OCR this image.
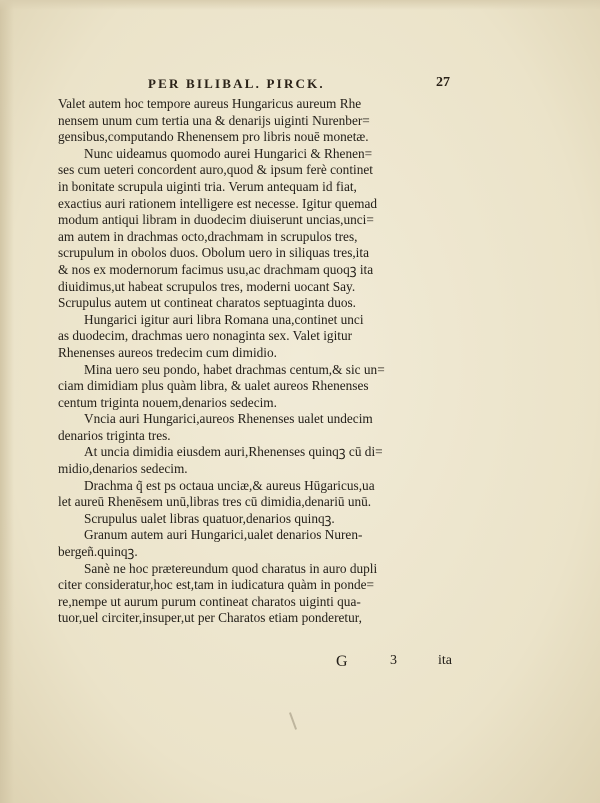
PER BILIBAL. PIRCK.	27
Valet autem hoc tempore aureus Hungaricus aureum Rhe
nensem unum cum tertia una & denarijs uiginti Nurenber=
gensibus,computando Rhenensem pro libris nouē monetæ.
Nunc uideamus quomodo aurei Hungarici & Rhenen=
ses cum ueteri concordent auro,quod & ipsum ferè continet
in bonitate scrupula uiginti tria. Verum antequam id fiat,
exactius auri rationem intelligere est necesse. Igitur quemad
modum antiqui libram in duodecim diuiserunt uncias,unci=
am autem in drachmas octo,drachmam in scrupulos tres,
scrupulum in obolos duos. Obolum uero in siliquas tres,ita
& nos ex modernorum facimus usu,ac drachmam quoqꝫ ita
diuidimus,ut habeat scrupulos tres, moderni uocant Say.
Scrupulus autem ut contineat charatos septuaginta duos.
Hungarici igitur auri libra Romana una,continet unci
as duodecim, drachmas uero nonaginta sex. Valet igitur
Rhenenses aureos tredecim cum dimidio.
Mina uero seu pondo, habet drachmas centum,& sic un=
ciam dimidiam plus quàm libra, & ualet aureos Rhenenses
centum triginta nouem,denarios sedecim.
Vncia auri Hungarici,aureos Rhenenses ualet undecim
denarios triginta tres.
At uncia dimidia eiusdem auri,Rhenenses quinqꝫ cū di=
midio,denarios sedecim.
Drachma q̃ est ps octaua unciæ,& aureus Hūgaricus,ua
let aureū Rhenēsem unū,libras tres cū dimidia,denariū unū.
Scrupulus ualet libras quatuor,denarios quinqꝫ.
Granum autem auri Hungarici,ualet denarios Nuren-
bergeñ.quinqꝫ.
Sanè ne hoc prætereundum quod charatus in auro dupli
citer consideratur,hoc est,tam in iudicatura quàm in ponde=
re,nempe ut aurum purum contineat charatos uiginti qua-
tuor,uel circiter,insuper,ut per Charatos etiam ponderetur,
G	3	ita
